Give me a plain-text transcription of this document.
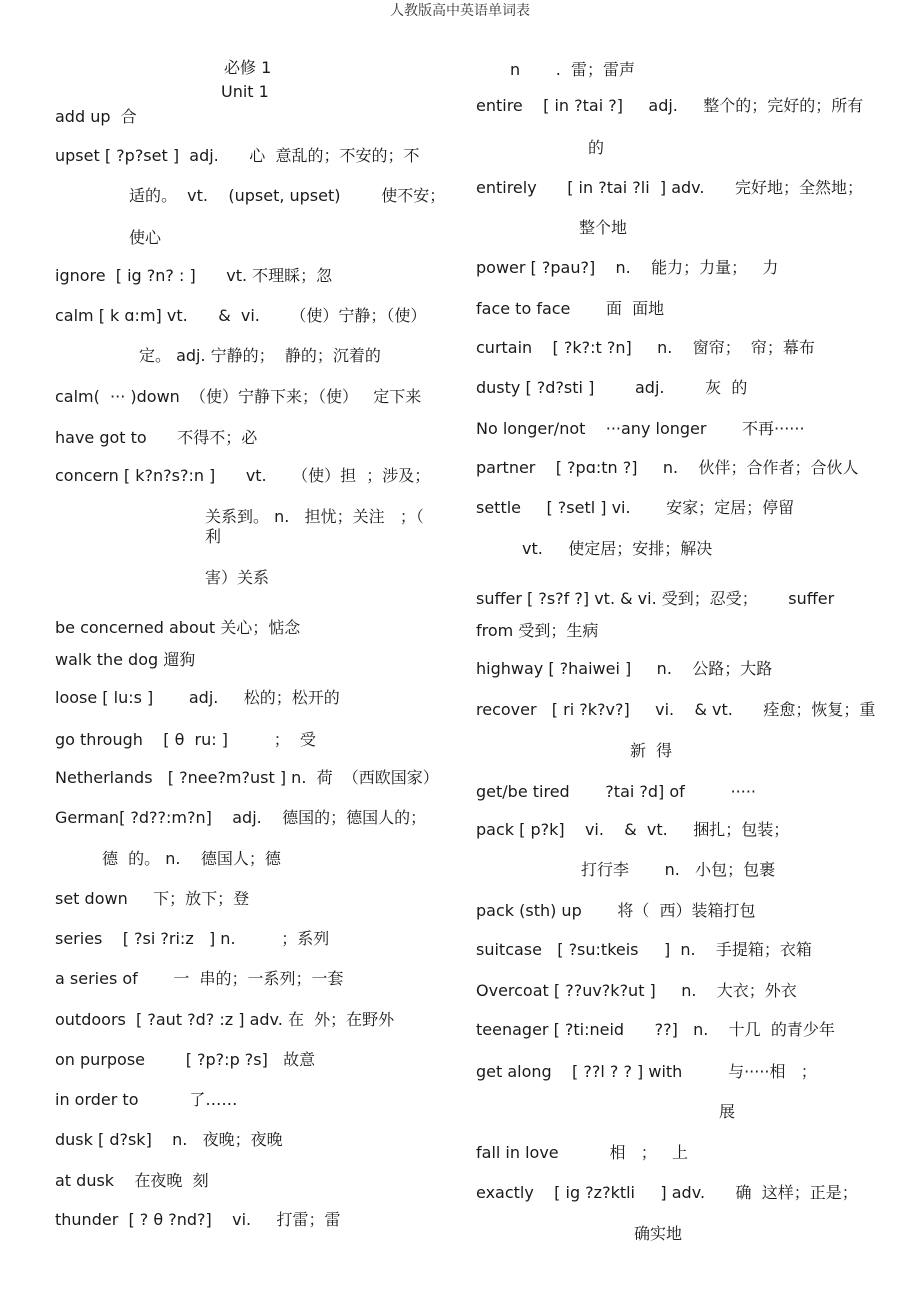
人教版高中英语单词表
必修 1
Unit 1
add up  合
upset [ ?p?set ]  adj.      心  意乱的；不安的；不
适的。  vt.    (upset, upset)        使不安；
使心
ignore  [ ig ?n? : ]      vt. 不理睬；忽
calm [ k ɑ:m] vt.      &  vi.      （使）宁静；（使）
定。 adj. 宁静的；  静的；沉着的
calm(  ··· )down  （使）宁静下来；（使）   定下来
have got to      不得不；必
concern [ k?n?s?:n ]      vt.     （使）担  ；涉及；
关系到。 n.   担忧；关注   ；（
利
害）关系
be concerned about 关心；惦念
walk the dog 遛狗
loose [ lu:s ]       adj.     松的；松开的
go through    [ θ  ru: ]         ；  受
Netherlands   [ ?nee?m?ust ] n.  荷  （西欧国家）
German[ ?d??:m?n]    adj.    德国的；德国人的；
德  的。 n.    德国人；德
set down     下；放下；登
series    [ ?si ?ri:z   ] n.         ；系列
a series of       一  串的；一系列；一套
outdoors  [ ?aut ?d? :z ] adv. 在  外；在野外
on purpose        [ ?p?:p ?s]   故意
in order to          了……
dusk [ d?sk]    n.   夜晚；夜晚
at dusk    在夜晚  刻
thunder  [ ? θ ?nd?]    vi.     打雷；雷
n       .  雷；雷声
entire    [ in ?tai ?]     adj.     整个的；完好的；所有
的
entirely      [ in ?tai ?li  ] adv.      完好地；全然地；
整个地
power [ ?pau?]    n.    能力；力量；   力
face to face       面  面地
curtain    [ ?k?:t ?n]     n.    窗帘；  帘；幕布
dusty [ ?d?sti ]        adj.        灰  的
No longer/not    ···any longer       不再······
partner    [ ?pɑ:tn ?]     n.    伙伴；合作者；合伙人
settle     [ ?setl ] vi.       安家；定居；停留
vt.     使定居；安排；解决
suffer [ ?s?f ?] vt. & vi. 受到；忍受；      suffer
from 受到；生病
highway [ ?haiwei ]     n.    公路；大路
recover   [ ri ?k?v?]     vi.    & vt.      痊愈；恢复；重
新  得
get/be tired       ?tai ?d] of         ·····
pack [ p?k]    vi.    &  vt.     捆扎；包装；
打行李       n.   小包；包裹
pack (sth) up       将（  西）装箱打包
suitcase   [ ?su:tkeis     ]  n.    手提箱；衣箱
Overcoat [ ??uv?k?ut ]     n.    大衣；外衣
teenager [ ?ti:neid      ??]   n.    十几  的青少年
get along    [ ??l ? ? ] with         与·····相   ；
展
fall in love          相   ；   上
exactly    [ ig ?z?ktli     ] adv.      确  这样；正是；
确实地
